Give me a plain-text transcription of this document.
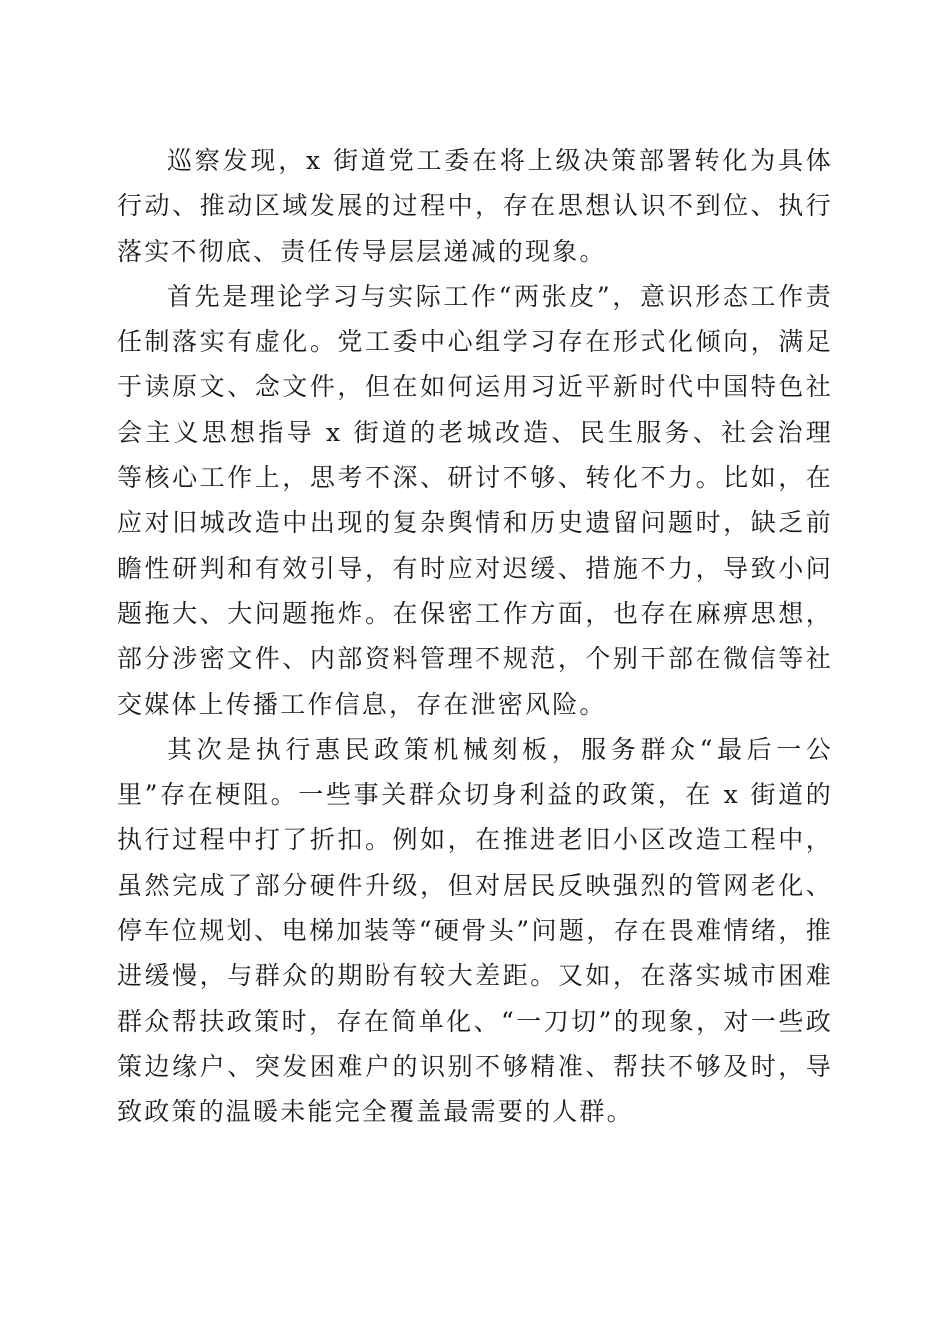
巡察发现，x 街道党工委在将上级决策部署转化为具体行动、推动区域发展的过程中，存在思想认识不到位、执行落实不彻底、责任传导层层递减的现象。

首先是理论学习与实际工作“两张皮”，意识形态工作责任制落实有虚化。党工委中心组学习存在形式化倾向，满足于读原文、念文件，但在如何运用习近平新时代中国特色社会主义思想指导 x 街道的老城改造、民生服务、社会治理等核心工作上，思考不深、研讨不够、转化不力。比如，在应对旧城改造中出现的复杂舆情和历史遗留问题时，缺乏前瞻性研判和有效引导，有时应对迟缓、措施不力，导致小问题拖大、大问题拖炸。在保密工作方面，也存在麻痹思想，部分涉密文件、内部资料管理不规范，个别干部在微信等社交媒体上传播工作信息，存在泄密风险。

其次是执行惠民政策机械刻板，服务群众“最后一公里”存在梗阻。一些事关群众切身利益的政策，在 x 街道的执行过程中打了折扣。例如，在推进老旧小区改造工程中，虽然完成了部分硬件升级，但对居民反映强烈的管网老化、停车位规划、电梯加装等“硬骨头”问题，存在畏难情绪，推进缓慢，与群众的期盼有较大差距。又如，在落实城市困难群众帮扶政策时，存在简单化、“一刀切”的现象，对一些政策边缘户、突发困难户的识别不够精准、帮扶不够及时，导致政策的温暖未能完全覆盖最需要的人群。
